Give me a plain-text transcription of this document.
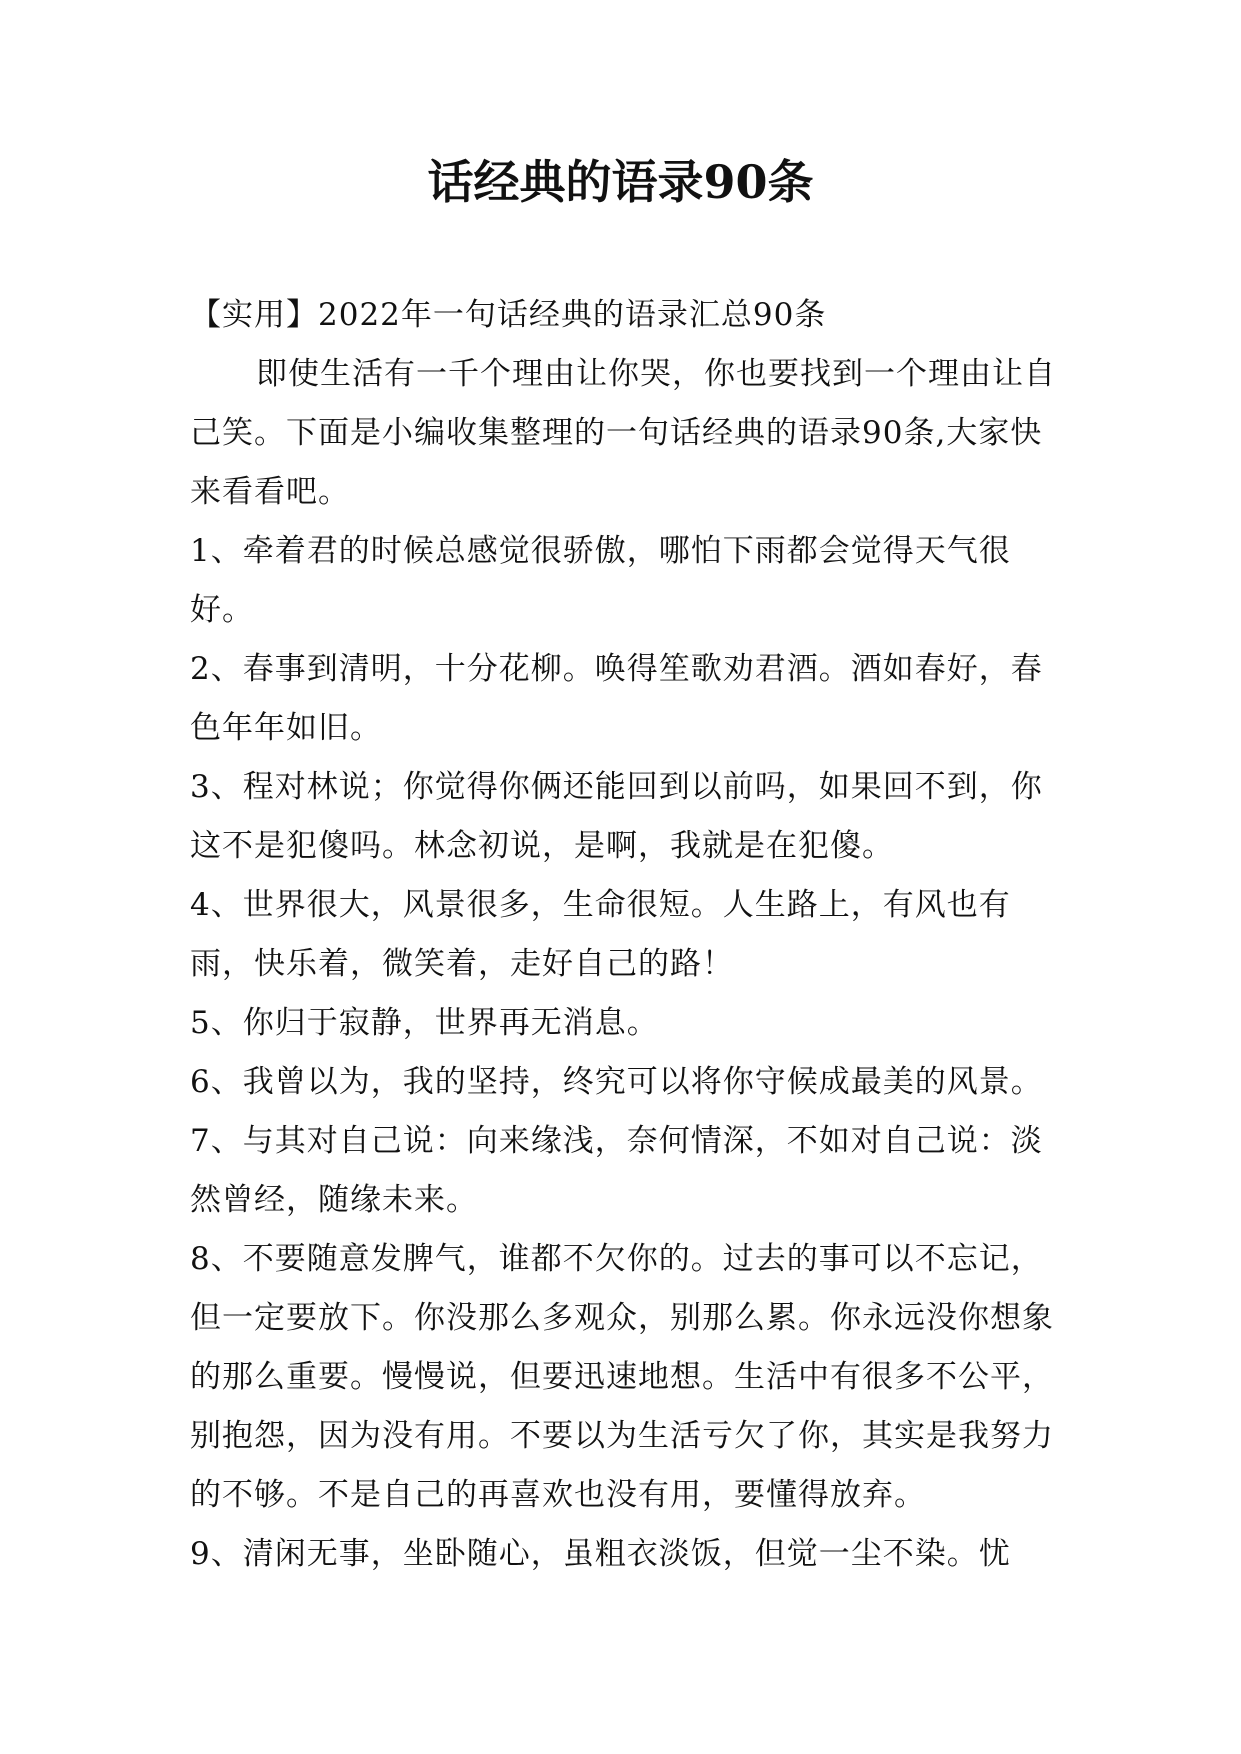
话经典的语录90条

【实用】2022年一句话经典的语录汇总90条

即使生活有一千个理由让你哭，你也要找到一个理由让自己笑。下面是小编收集整理的一句话经典的语录90条,大家快来看看吧。

1、牵着君的时候总感觉很骄傲，哪怕下雨都会觉得天气很好。

2、春事到清明，十分花柳。唤得笙歌劝君酒。酒如春好，春色年年如旧。

3、程对林说；你觉得你俩还能回到以前吗，如果回不到，你这不是犯傻吗。林念初说，是啊，我就是在犯傻。

4、世界很大，风景很多，生命很短。人生路上，有风也有雨，快乐着，微笑着，走好自己的路！

5、你归于寂静，世界再无消息。

6、我曾以为，我的坚持，终究可以将你守候成最美的风景。

7、与其对自己说：向来缘浅，奈何情深，不如对自己说：淡然曾经，随缘未来。

8、不要随意发脾气，谁都不欠你的。过去的事可以不忘记，但一定要放下。你没那么多观众，别那么累。你永远没你想象的那么重要。慢慢说，但要迅速地想。生活中有很多不公平，别抱怨，因为没有用。不要以为生活亏欠了你，其实是我努力的不够。不是自己的再喜欢也没有用，要懂得放弃。

9、清闲无事，坐卧随心，虽粗衣淡饭，但觉一尘不染。忧
